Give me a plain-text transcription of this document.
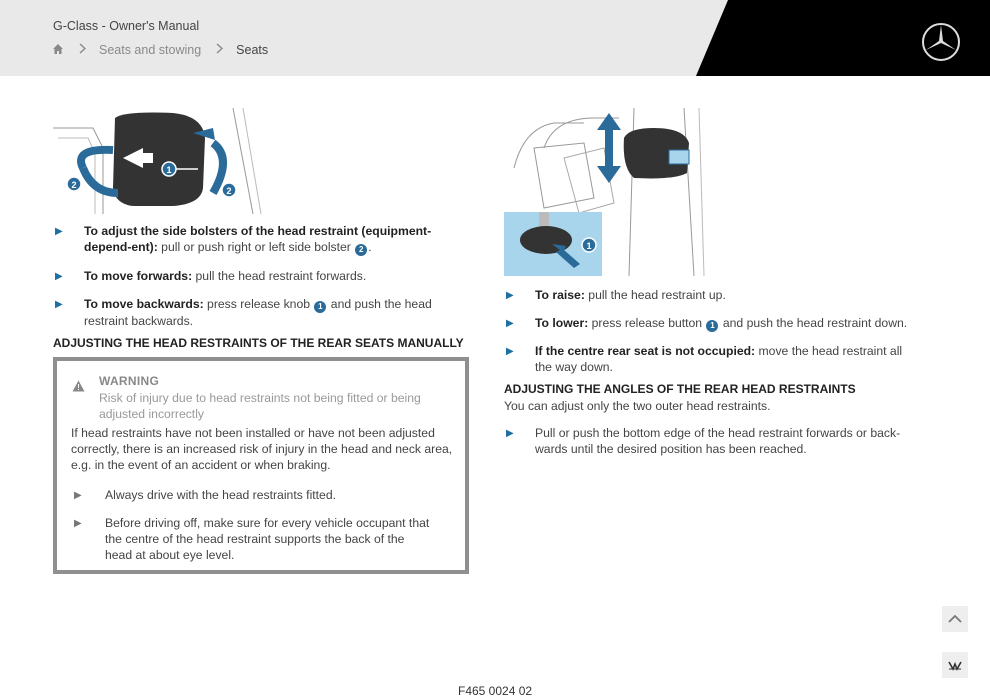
G-Class - Owner's Manual
Seats and stowing	Seats
1
2
2
▶	To adjust the side bolsters of the head restraint (equipment-depend-ent): pull or push right or left side bolster 2 .
▶	To move forwards: pull the head restraint forwards.
▶	To move backwards: press release knob 1 and push the head restraint backwards.
ADJUSTING THE HEAD RESTRAINTS OF THE REAR SEATS MANUALLY
WARNING
Risk of injury due to head restraints not being fitted or being adjusted incorrectly
If head restraints have not been installed or have not been adjusted correctly, there is an increased risk of injury in the head and neck area, e.g. in the event of an accident or when braking.
▶	Always drive with the head restraints fitted.
▶	Before driving off, make sure for every vehicle occupant that the centre of the head restraint supports the back of the head at about eye level.
1
▶	To raise: pull the head restraint up.
▶	To lower: press release button 1 and push the head restraint down.
▶	If the centre rear seat is not occupied: move the head restraint all the way down.
ADJUSTING THE ANGLES OF THE REAR HEAD RESTRAINTS
You can adjust only the two outer head restraints.
▶	Pull or push the bottom edge of the head restraint forwards or back-wards until the desired position has been reached.
F465 0024 02
